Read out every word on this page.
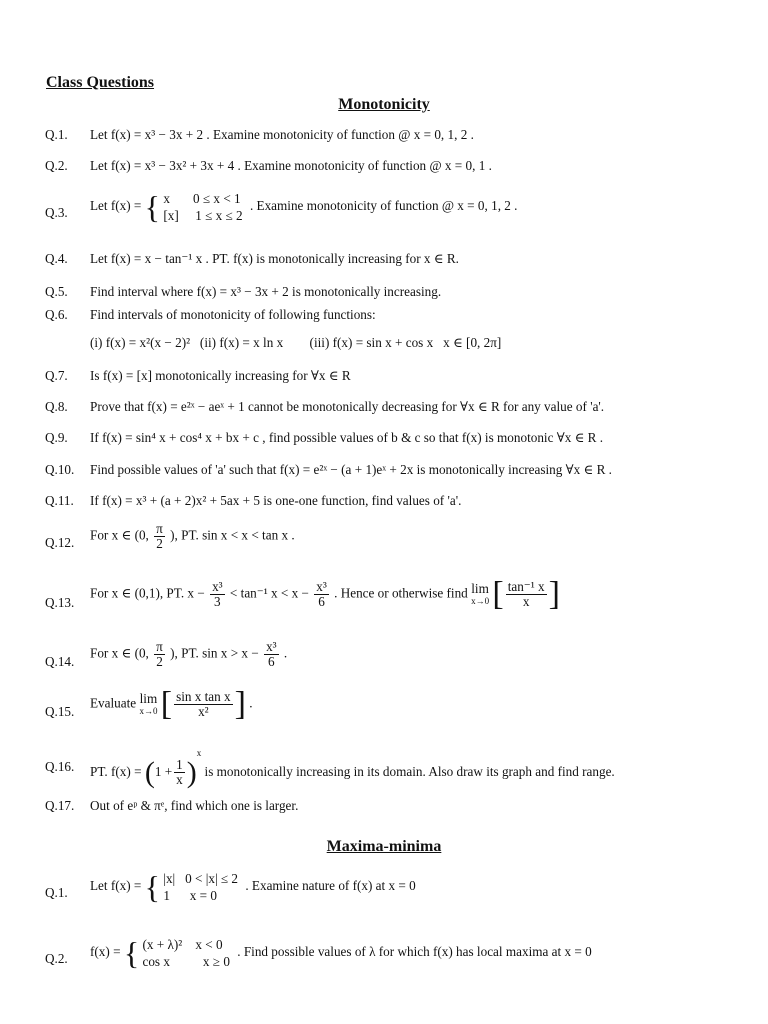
Class Questions
Monotonicity
Q.1. Let f(x) = x³ − 3x + 2 . Examine monotonicity of function @ x = 0, 1, 2 .
Q.2. Let f(x) = x³ − 3x² + 3x + 4 . Examine monotonicity of function @ x = 0, 1 .
Q.3. Let f(x) = { x       0 ≤ x < 1
[x]     1 ≤ x ≤ 2
. Examine monotonicity of function @ x = 0, 1, 2 .
Q.4. Let f(x) = x − tan⁻¹ x . PT. f(x) is monotonically increasing for x ∈ R.
Q.5. Find interval where f(x) = x³ − 3x + 2 is monotonically increasing.
Q.6. Find intervals of monotonicity of following functions:
(i) f(x) = x²(x − 2)²   (ii) f(x) = x ln x        (iii) f(x) = sin x + cos x   x ∈ [0, 2π]
Q.7. Is f(x) = [x] monotonically increasing for ∀x ∈ R
Q.8. Prove that f(x) = e²ˣ − aeˣ + 1 cannot be monotonically decreasing for ∀x ∈ R for any value of 'a'.
Q.9. If f(x) = sin⁴ x + cos⁴ x + bx + c , find possible values of b & c so that f(x) is monotonic ∀x ∈ R .
Q.10. Find possible values of 'a' such that f(x) = e²ˣ − (a + 1)eˣ + 2x is monotonically increasing ∀x ∈ R .
Q.11. If f(x) = x³ + (a + 2)x² + 5ax + 5 is one-one function, find values of 'a'.
Q.12. For x ∈ (0, $\frac{\pi}{2}$ ), PT. sin x < x < tan x .
Q.13.
For x ∈ (0,1), PT. $x - \frac{\text{x³}}{3} < \tan^{-1}$ $x < x - \frac{\text{x³}}{6}$ . Hence or otherwise find lim
x→0 [ $\frac{\text{tan⁻¹ x}}{x}$ ]
Q.14.
For x ∈ (0, $\frac{\pi}{2}$ ), PT. $\sin x > x - \frac{\text{x³}}{6}$ .
Q.15.
Evaluate lim
x→0 [ $\frac{\text{sin x tan x}}{\text{x²}}$ ] .
Q.16. PT. $f(x) = (1 + \frac{1}{x} )^x$ is monotonically increasing in its domain. Also draw its graph and find range.
Q.17. Out of eᵖ & πᵉ, find which one is larger.
Maxima-minima
Q.1. Let f(x) = { |x|   0 < |x| ≤ 2
1      x = 0
. Examine nature of f(x) at x = 0
Q.2. f(x) = { (x + λ)²    x < 0
cos x          x ≥ 0
. Find possible values of λ for which f(x) has local maxima at x = 0
